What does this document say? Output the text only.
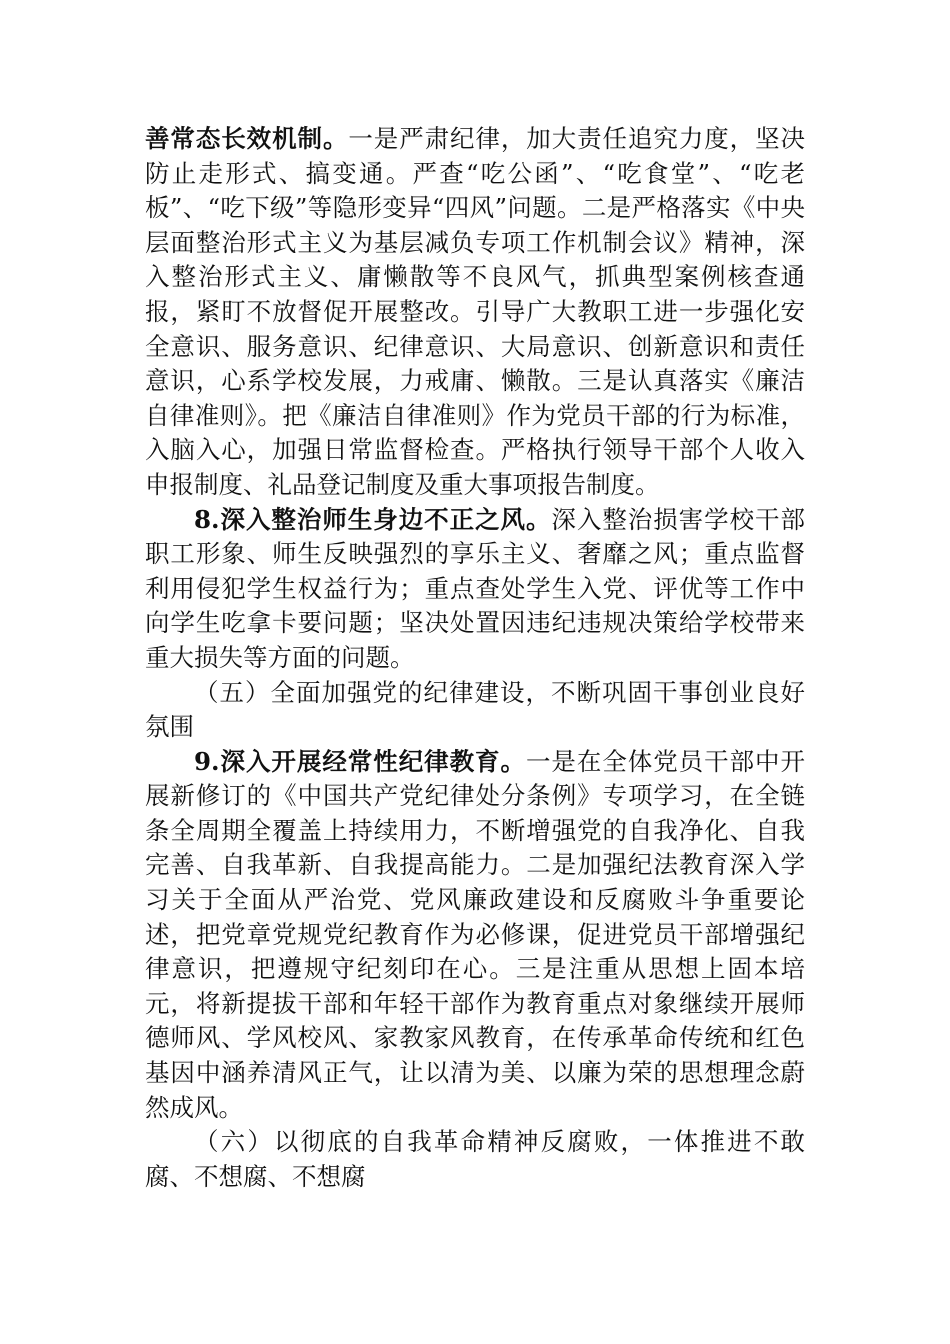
善常态长效机制。一是严肃纪律，加大责任追究力度，坚决防止走形式、搞变通。严查“吃公函”、“吃食堂”、“吃老板”、“吃下级”等隐形变异“四风”问题。二是严格落实《中央层面整治形式主义为基层减负专项工作机制会议》精神，深入整治形式主义、庸懒散等不良风气，抓典型案例核查通报，紧盯不放督促开展整改。引导广大教职工进一步强化安全意识、服务意识、纪律意识、大局意识、创新意识和责任意识，心系学校发展，力戒庸、懒散。三是认真落实《廉洁自律准则》。把《廉洁自律准则》作为党员干部的行为标准，入脑入心，加强日常监督检查。严格执行领导干部个人收入申报制度、礼品登记制度及重大事项报告制度。

8.深入整治师生身边不正之风。深入整治损害学校干部职工形象、师生反映强烈的享乐主义、奢靡之风；重点监督利用侵犯学生权益行为；重点查处学生入党、评优等工作中向学生吃拿卡要问题；坚决处置因违纪违规决策给学校带来重大损失等方面的问题。

（五）全面加强党的纪律建设，不断巩固干事创业良好氛围

9.深入开展经常性纪律教育。一是在全体党员干部中开展新修订的《中国共产党纪律处分条例》专项学习，在全链条全周期全覆盖上持续用力，不断增强党的自我净化、自我完善、自我革新、自我提高能力。二是加强纪法教育深入学习关于全面从严治党、党风廉政建设和反腐败斗争重要论述，把党章党规党纪教育作为必修课，促进党员干部增强纪律意识，把遵规守纪刻印在心。三是注重从思想上固本培元，将新提拔干部和年轻干部作为教育重点对象继续开展师德师风、学风校风、家教家风教育，在传承革命传统和红色基因中涵养清风正气，让以清为美、以廉为荣的思想理念蔚然成风。

（六）以彻底的自我革命精神反腐败，一体推进不敢腐、不想腐、不想腐
